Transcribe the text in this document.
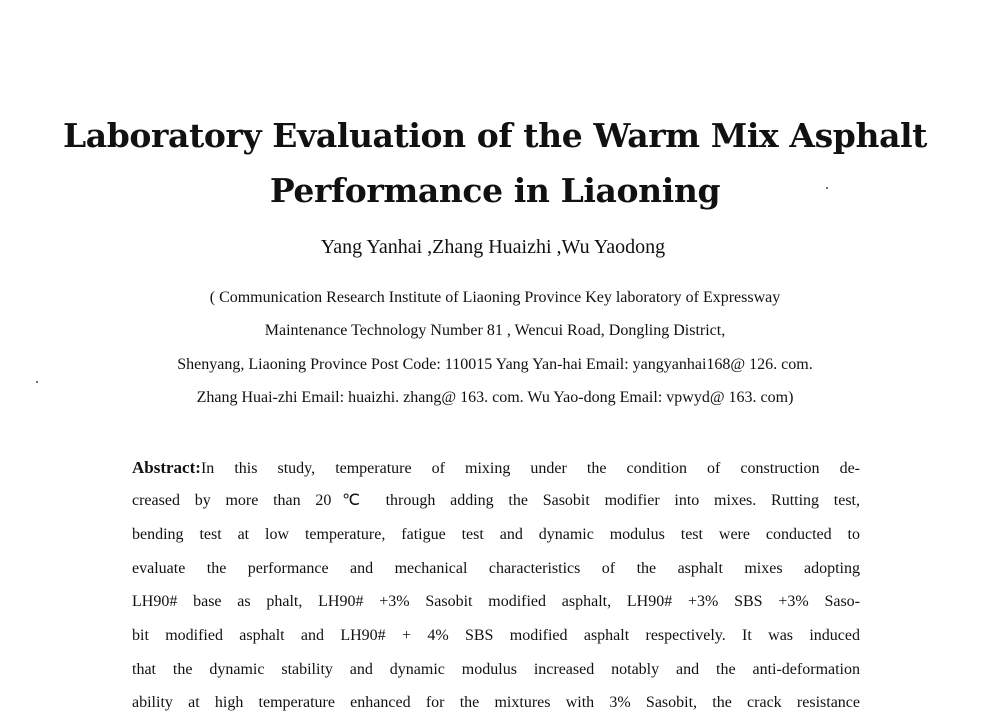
Laboratory Evaluation of the Warm Mix Asphalt
Performance in Liaoning
Yang Yanhai ,Zhang Huaizhi ,Wu Yaodong
( Communication Research Institute of Liaoning Province Key laboratory of Expressway
Maintenance Technology Number 81 , Wencui Road, Dongling District,
Shenyang, Liaoning Province Post Code: 110015 Yang Yan-hai Email: yangyanhai168@ 126. com.
Zhang Huai-zhi Email: huaizhi. zhang@ 163. com. Wu Yao-dong Email: vpwyd@ 163. com)
Abstract:In this study, temperature of mixing under the condition of construction de-
creased by more than 20℃ through adding the Sasobit modifier into mixes. Rutting test,
bending test at low temperature, fatigue test and dynamic modulus test were conducted to
evaluate the performance and mechanical characteristics of the asphalt mixes adopting
LH90# base as phalt, LH90# +3% Sasobit modified asphalt, LH90# +3% SBS +3% Saso-
bit modified asphalt and LH90# + 4% SBS modified asphalt respectively. It was induced
that the dynamic stability and dynamic modulus increased notably and the anti-deformation
ability at high temperature enhanced for the mixtures with 3% Sasobit, the crack resistance
